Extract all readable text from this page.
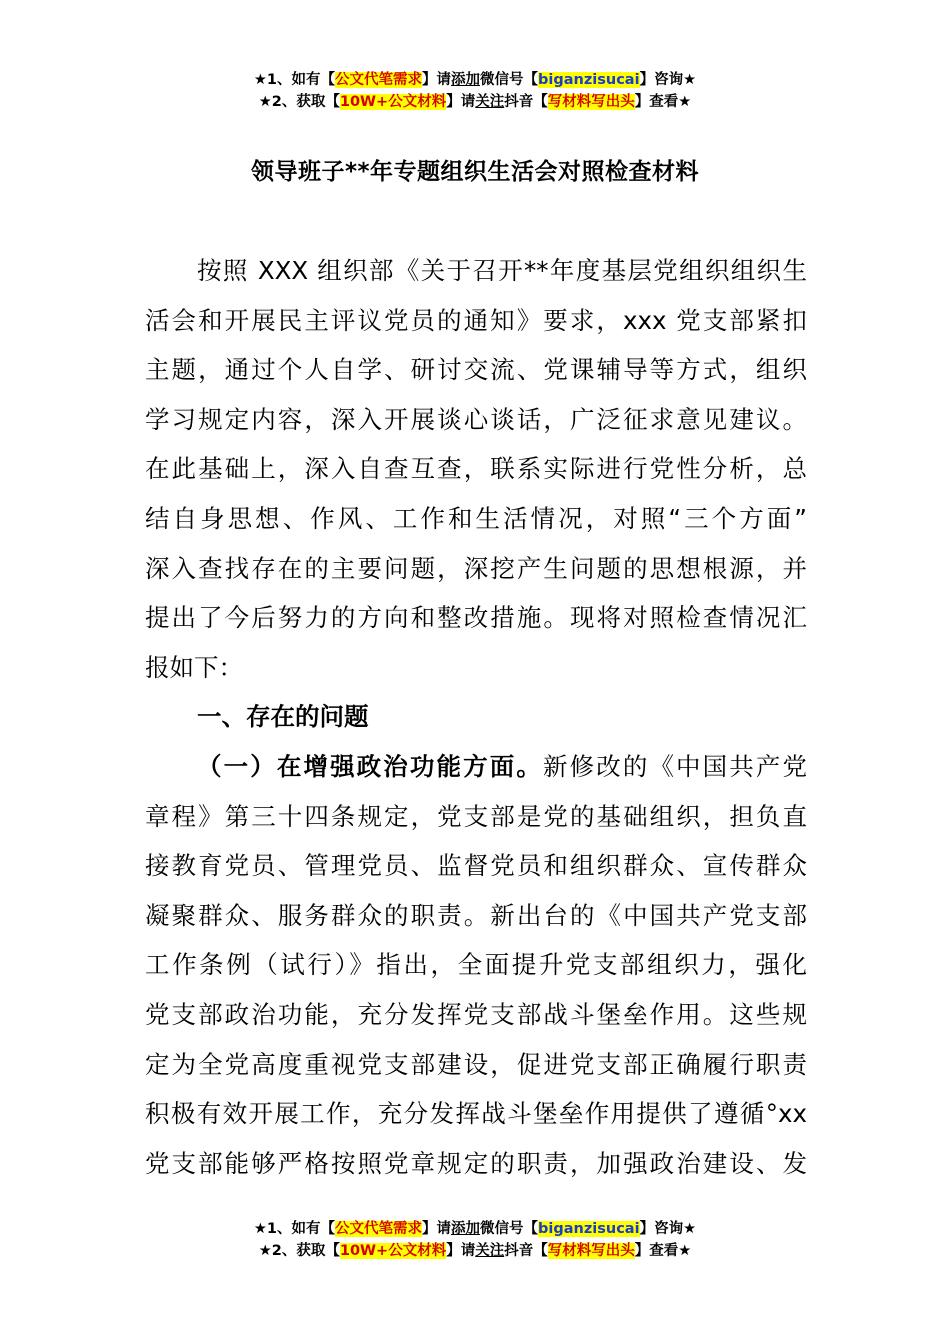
★1、如有【公文代笔需求】请添加微信号【biganzisucai】咨询★
★2、获取【10W+公文材料】请关注抖音【写材料写出头】查看★
领导班子**年专题组织生活会对照检查材料
按照 XXX 组织部《关于召开**年度基层党组织组织生
活会和开展民主评议党员的通知》要求，xxx 党支部紧扣
主题，通过个人自学、研讨交流、党课辅导等方式，组织
学习规定内容，深入开展谈心谈话，广泛征求意见建议。
在此基础上，深入自查互查，联系实际进行党性分析，总
结自身思想、作风、工作和生活情况，对照“三个方面”
深入查找存在的主要问题，深挖产生问题的思想根源，并
提出了今后努力的方向和整改措施。现将对照检查情况汇
报如下：
一、存在的问题
（一）在增强政治功能方面。新修改的《中国共产党
章程》第三十四条规定，党支部是党的基础组织，担负直
接教育党员、管理党员、监督党员和组织群众、宣传群众
凝聚群众、服务群众的职责。新出台的《中国共产党支部
工作条例（试行）》指出，全面提升党支部组织力，强化
党支部政治功能，充分发挥党支部战斗堡垒作用。这些规
定为全党高度重视党支部建设，促进党支部正确履行职责
积极有效开展工作，充分发挥战斗堡垒作用提供了遵循°xx
党支部能够严格按照党章规定的职责，加强政治建设、发
★1、如有【公文代笔需求】请添加微信号【biganzisucai】咨询★
★2、获取【10W+公文材料】请关注抖音【写材料写出头】查看★
